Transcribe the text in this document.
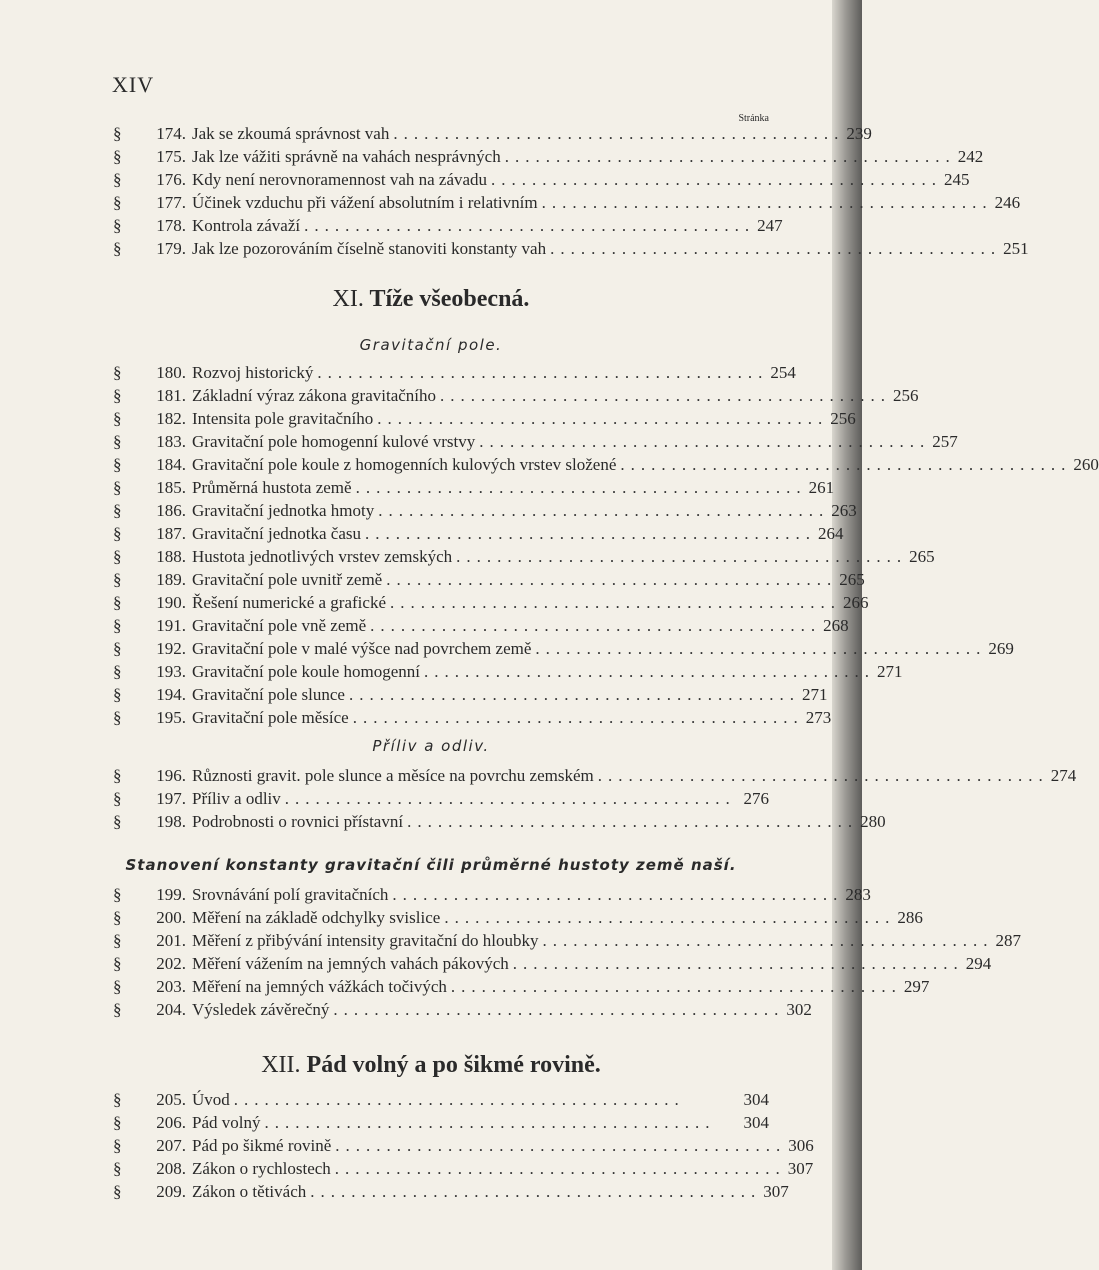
XIV
Stránka
§	174. Jak se zkoumá správnost vah ............................................ 239
§	175. Jak lze vážiti správně na vahách nesprávných ............................................ 242
§	176. Kdy není nerovnoramennost vah na závadu ............................................ 245
§	177. Účinek vzduchu při vážení absolutním i relativním ............................................ 246
§	178. Kontrola závaží ............................................ 247
§	179. Jak lze pozorováním číselně stanoviti konstanty vah ............................................ 251
§	180. Rozvoj historický ............................................ 254
§	181. Základní výraz zákona gravitačního ............................................ 256
§	182. Intensita pole gravitačního ............................................ 256
§	183. Gravitační pole homogenní kulové vrstvy ............................................ 257
§	184. Gravitační pole koule z homogenních kulových vrstev složené ............................................ 260
§	185. Průměrná hustota země ............................................ 261
§	186. Gravitační jednotka hmoty ............................................ 263
§	187. Gravitační jednotka času ............................................ 264
§	188. Hustota jednotlivých vrstev zemských ............................................ 265
§	189. Gravitační pole uvnitř země ............................................ 265
§	190. Řešení numerické a grafické ............................................ 266
§	191. Gravitační pole vně země ............................................ 268
§	192. Gravitační pole v malé výšce nad povrchem země ............................................ 269
§	193. Gravitační pole koule homogenní ............................................ 271
§	194. Gravitační pole slunce ............................................ 271
§	195. Gravitační pole měsíce ............................................ 273
§	196. Různosti gravit. pole slunce a měsíce na povrchu zemském ............................................ 274
§	197. Příliv a odliv ............................................ 276
§	198. Podrobnosti o rovnici přístavní ............................................ 280
§	199. Srovnávání polí gravitačních ............................................ 283
§	200. Měření na základě odchylky svislice ............................................ 286
§	201. Měření z přibývání intensity gravitační do hloubky ............................................ 287
§	202. Měření vážením na jemných vahách pákových ............................................ 294
§	203. Měření na jemných vážkách točivých ............................................ 297
§	204. Výsledek závěrečný ............................................ 302
§	205. Úvod ............................................	304
§	206. Pád volný ............................................	304
§	207. Pád po šikmé rovině ............................................ 306
§	208. Zákon o rychlostech ............................................ 307
§	209. Zákon o tětivách ............................................ 307
XI. Tíže všeobecná.
Gravitační pole.
Příliv a odliv.
Stanovení konstanty gravitační čili průměrné hustoty země naší.
XII. Pád volný a po šikmé rovině.
